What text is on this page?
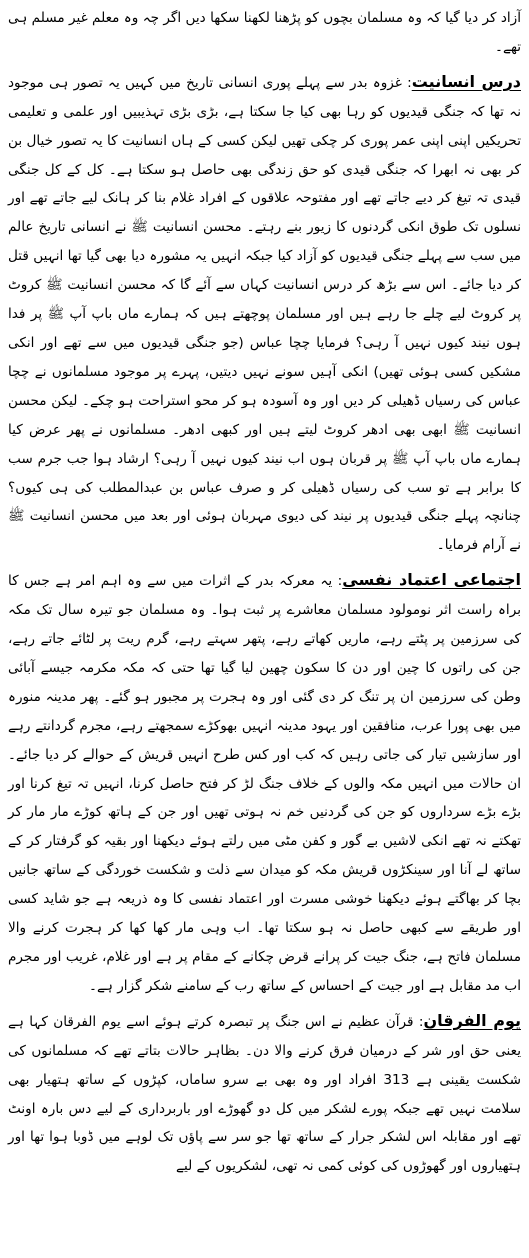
آزاد کر دیا گیا کہ وہ مسلمان بچوں کو پڑھنا لکھنا سکھا دیں اگر چہ وہ معلم غیر مسلم ہی تھے۔

درس انسانیت: غزوہ بدر سے پہلے پوری انسانی تاریخ میں کہیں یہ تصور ہی موجود نہ تھا کہ جنگی قیدیوں کو رہا بھی کیا جا سکتا ہے، بڑی بڑی تہذیبیں اور علمی و تعلیمی تحریکیں اپنی اپنی عمر پوری کر چکی تھیں لیکن کسی کے ہاں انسانیت کا یہ تصور خیال بن کر بھی نہ ابھرا کہ جنگی قیدی کو حق زندگی بھی حاصل ہو سکتا ہے۔ کل کے کل جنگی قیدی تہ تیغ کر دیے جاتے تھے اور مفتوحہ علاقوں کے افراد غلام بنا کر ہانک لیے جاتے تھے اور نسلوں تک طوق انکی گردنوں کا زیور بنے رہتے۔ محسن انسانیت ﷺ نے انسانی تاریخ عالم میں سب سے پہلے جنگی قیدیوں کو آزاد کیا جبکہ انہیں یہ مشورہ دیا بھی گیا تھا انہیں قتل کر دیا جائے۔ اس سے بڑھ کر درس انسانیت کہاں سے آئے گا کہ محسن انسانیت ﷺ کروٹ پر کروٹ لیے چلے جا رہے ہیں اور مسلمان پوچھتے ہیں کہ ہمارے ماں باپ آپ ﷺ پر فدا ہوں نیند کیوں نہیں آ رہی؟ فرمایا چچا عباس (جو جنگی قیدیوں میں سے تھے اور انکی مشکیں کسی ہوئی تھیں) انکی آہیں سونے نہیں دیتیں، پہرے پر موجود مسلمانوں نے چچا عباس کی رسیاں ڈھیلی کر دیں اور وہ آسودہ ہو کر محو استراحت ہو چکے۔ لیکن محسن انسانیت ﷺ ابھی بھی ادھر کروٹ لیتے ہیں اور کبھی ادھر۔ مسلمانوں نے پھر عرض کیا ہمارے ماں باپ آپ ﷺ پر قربان ہوں اب نیند کیوں نہیں آ رہی؟ ارشاد ہوا جب جرم سب کا برابر ہے تو سب کی رسیاں ڈھیلی کر و صرف عباس بن عبدالمطلب کی ہی کیوں؟ چنانچہ پہلے جنگی قیدیوں پر نیند کی دیوی مہربان ہوئی اور بعد میں محسن انسانیت ﷺ نے آرام فرمایا۔

اجتماعی اعتماد نفسی: یہ معرکہ بدر کے اثرات میں سے وہ اہم امر ہے جس کا براہ راست اثر نومولود مسلمان معاشرے پر ثبت ہوا۔ وہ مسلمان جو تیرہ سال تک مکہ کی سرزمین پر پٹتے رہے، ماریں کھاتے رہے، پتھر سہتے رہے، گرم ریت پر لٹائے جاتے رہے، جن کی راتوں کا چین اور دن کا سکون چھین لیا گیا تھا حتی کہ مکہ مکرمہ جیسے آبائی وطن کی سرزمین ان پر تنگ کر دی گئی اور وہ ہجرت پر مجبور ہو گئے۔ پھر مدینہ منورہ میں بھی پورا عرب، منافقین اور یہود مدینہ انہیں بھوکڑے سمجھتے رہے، مجرم گردانتے رہے اور سازشیں تیار کی جاتی رہیں کہ کب اور کس طرح انہیں قریش کے حوالے کر دیا جائے۔ ان حالات میں انہیں مکہ والوں کے خلاف جنگ لڑ کر فتح حاصل کرنا، انہیں تہ تیغ کرنا اور بڑے بڑے سرداروں کو جن کی گردنیں خم نہ ہوتی تھیں اور جن کے ہاتھ کوڑے مار مار کر تھکتے نہ تھے انکی لاشیں بے گور و کفن مٹی میں رلتے ہوئے دیکھنا اور بقیہ کو گرفتار کر کے ساتھ لے آنا اور سینکڑوں قریش مکہ کو میدان سے ذلت و شکست خوردگی کے ساتھ جانیں بچا کر بھاگتے ہوئے دیکھنا خوشی مسرت اور اعتماد نفسی کا وہ ذریعہ ہے جو شاید کسی اور طریقے سے کبھی حاصل نہ ہو سکتا تھا۔ اب وہی مار کھا کھا کر ہجرت کرنے والا مسلمان فاتح ہے، جنگ جیت کر پرانے قرض چکانے کے مقام پر ہے اور غلام، غریب اور مجرم اب مد مقابل ہے اور جیت کے احساس کے ساتھ رب کے سامنے شکر گزار ہے۔

یوم الفرقان: قرآن عظیم نے اس جنگ پر تبصرہ کرتے ہوئے اسے یوم الفرقان کہا ہے یعنی حق اور شر کے درمیان فرق کرنے والا دن۔ بظاہر حالات بتاتے تھے کہ مسلمانوں کی شکست یقینی ہے 313 افراد اور وہ بھی بے سرو ساماں، کپڑوں کے ساتھ ہتھیار بھی سلامت نہیں تھے جبکہ پورے لشکر میں کل دو گھوڑے اور باربرداری کے لیے دس بارہ اونٹ تھے اور مقابلہ اس لشکر جرار کے ساتھ تھا جو سر سے پاؤں تک لوہے میں ڈوبا ہوا تھا اور ہتھیاروں اور گھوڑوں کی کوئی کمی نہ تھی، لشکریوں کے لیے
